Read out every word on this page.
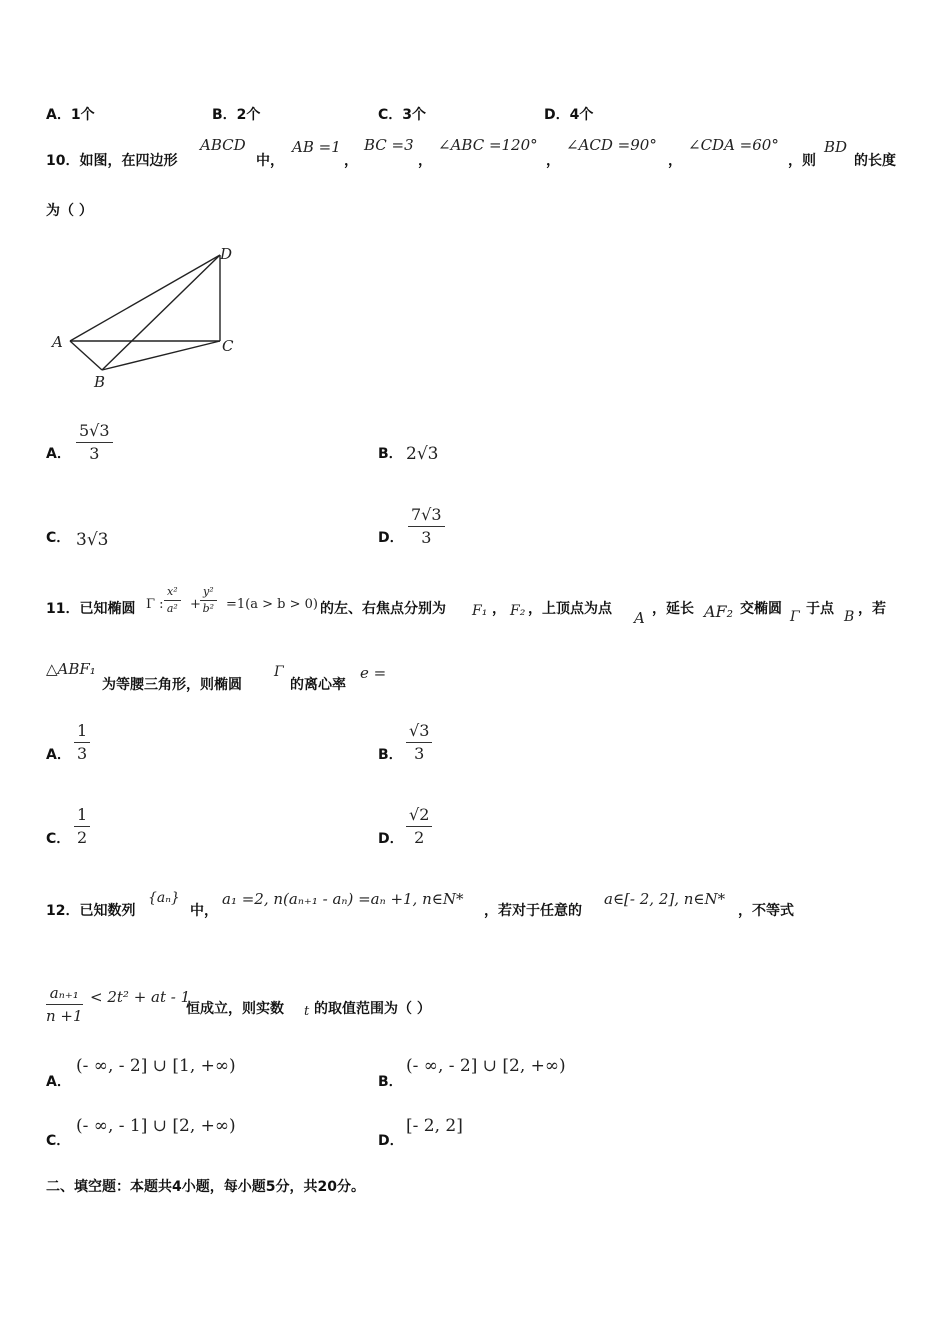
A．1个	B．2个	C．3个	D．4个
10．如图，在四边形
ABCD
中，
AB =1
，
BC =3
，
∠ABC =120°
，
∠ACD =90°
，
∠CDA =60°
，则
BD
的长度
为（ ）
A
B
C
D
A． $\frac{5√3}{3}$	B． 2√3
C． 3√3	D． $\frac{7√3}{3}$
11．已知椭圆 Γ : $\frac{\text{x²}}{\text{a²}} + \frac{\text{y²}}{\text{b²}} =1(a > b > 0)$ 的左、右焦点分别为 F₁ ， F₂ ，上顶点为点 A ，延长 AF₂ 交椭圆 Γ 于点 B ，若
△ABF₁
为等腰三角形，则椭圆
Γ
的离心率
e =
A． $\frac{1}{3}$	B． $\frac{√3}{3}$
C． $\frac{1}{2}$	D． $\frac{√2}{2}$
12．已知数列
{aₙ}
中，
a₁ =2, n(aₙ₊₁ - aₙ) =aₙ +1, n∈N*
，若对于任意的
a∈[- 2, 2], n∈N*
，不等式
$\frac{\text{aₙ₊₁}}{n +1} < 2t^2$ + at - 1
恒成立，则实数 t 的取值范围为（ ）
A．
(- ∞, - 2] ∪ [1, +∞)
B．
(- ∞, - 2] ∪ [2, +∞)
C．
(- ∞, - 1] ∪ [2, +∞)
D．
[- 2, 2]
二、填空题：本题共4小题，每小题5分，共20分。
